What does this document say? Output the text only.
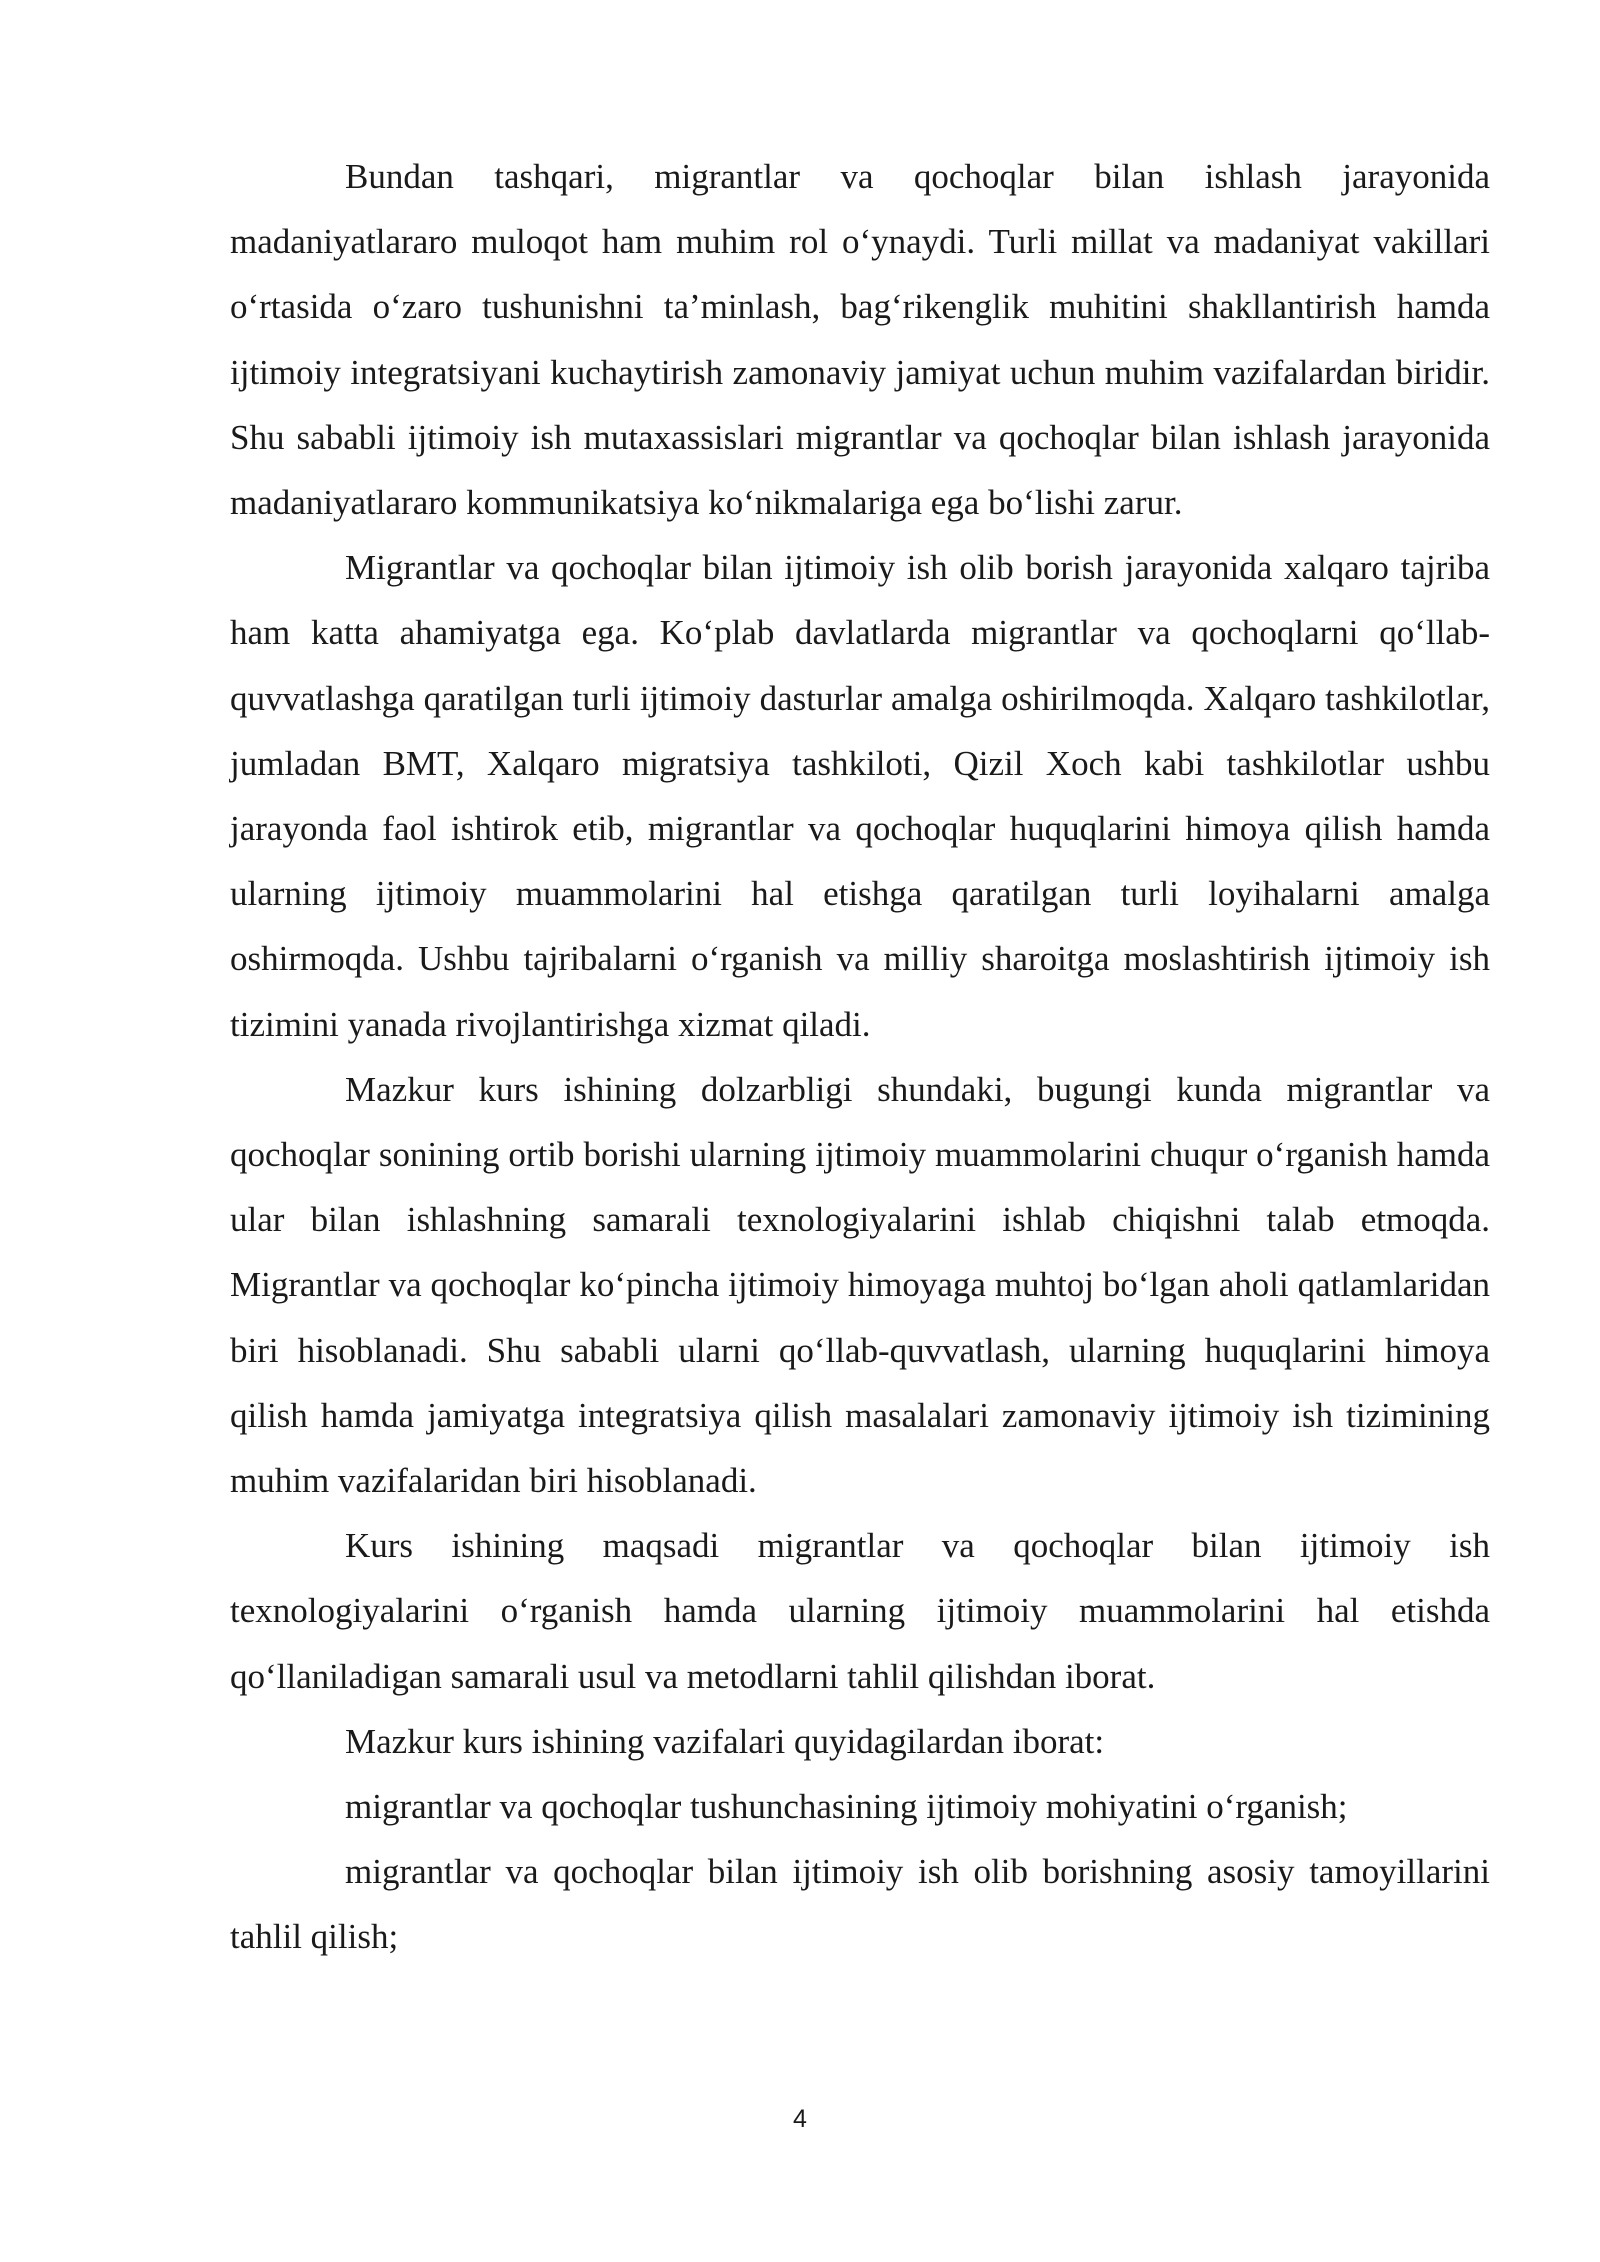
Bundan tashqari, migrantlar va qochoqlar bilan ishlash jarayonida madaniyatlararo muloqot ham muhim rol o‘ynaydi. Turli millat va madaniyat vakillari o‘rtasida o‘zaro tushunishni ta’minlash, bag‘rikenglik muhitini shakllantirish hamda ijtimoiy integratsiyani kuchaytirish zamonaviy jamiyat uchun muhim vazifalardan biridir. Shu sababli ijtimoiy ish mutaxassislari migrantlar va qochoqlar bilan ishlash jarayonida madaniyatlararo kommunikatsiya ko‘nikmalariga ega bo‘lishi zarur.

Migrantlar va qochoqlar bilan ijtimoiy ish olib borish jarayonida xalqaro tajriba ham katta ahamiyatga ega. Ko‘plab davlatlarda migrantlar va qochoqlarni qo‘llab-quvvatlashga qaratilgan turli ijtimoiy dasturlar amalga oshirilmoqda. Xalqaro tashkilotlar, jumladan BMT, Xalqaro migratsiya tashkiloti, Qizil Xoch kabi tashkilotlar ushbu jarayonda faol ishtirok etib, migrantlar va qochoqlar huquqlarini himoya qilish hamda ularning ijtimoiy muammolarini hal etishga qaratilgan turli loyihalarni amalga oshirmoqda. Ushbu tajribalarni o‘rganish va milliy sharoitga moslashtirish ijtimoiy ish tizimini yanada rivojlantirishga xizmat qiladi.

Mazkur kurs ishining dolzarbligi shundaki, bugungi kunda migrantlar va qochoqlar sonining ortib borishi ularning ijtimoiy muammolarini chuqur o‘rganish hamda ular bilan ishlashning samarali texnologiyalarini ishlab chiqishni talab etmoqda. Migrantlar va qochoqlar ko‘pincha ijtimoiy himoyaga muhtoj bo‘lgan aholi qatlamlaridan biri hisoblanadi. Shu sababli ularni qo‘llab-quvvatlash, ularning huquqlarini himoya qilish hamda jamiyatga integratsiya qilish masalalari zamonaviy ijtimoiy ish tizimining muhim vazifalaridan biri hisoblanadi.

Kurs ishining maqsadi migrantlar va qochoqlar bilan ijtimoiy ish texnologiyalarini o‘rganish hamda ularning ijtimoiy muammolarini hal etishda qo‘llaniladigan samarali usul va metodlarni tahlil qilishdan iborat.

Mazkur kurs ishining vazifalari quyidagilardan iborat:

migrantlar va qochoqlar tushunchasining ijtimoiy mohiyatini o‘rganish;

migrantlar va qochoqlar bilan ijtimoiy ish olib borishning asosiy tamoyillarini tahlil qilish;

4
